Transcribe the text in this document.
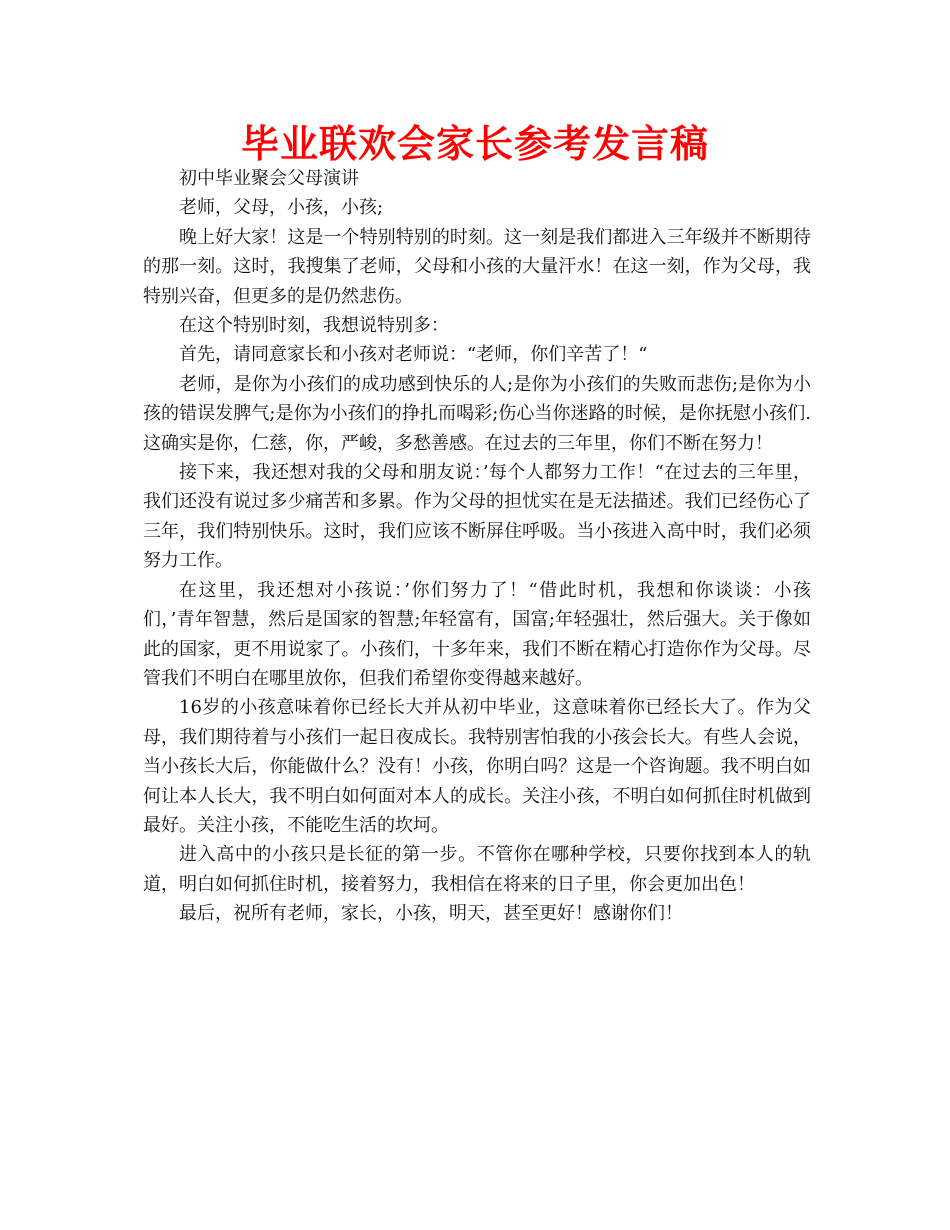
毕业联欢会家长参考发言稿

初中毕业聚会父母演讲

老师，父母，小孩，小孩;

晚上好大家！这是一个特别特别的时刻。这一刻是我们都进入三年级并不断期待的那一刻。这时，我搜集了老师，父母和小孩的大量汗水！在这一刻，作为父母，我特别兴奋，但更多的是仍然悲伤。

在这个特别时刻，我想说特别多：

首先，请同意家长和小孩对老师说：“老师，你们辛苦了！“

老师，是你为小孩们的成功感到快乐的人;是你为小孩们的失败而悲伤;是你为小孩的错误发脾气;是你为小孩们的挣扎而喝彩;伤心当你迷路的时候，是你抚慰小孩们.这确实是你，仁慈，你，严峻，多愁善感。在过去的三年里，你们不断在努力！

接下来，我还想对我的父母和朋友说：’每个人都努力工作！“在过去的三年里，我们还没有说过多少痛苦和多累。作为父母的担忧实在是无法描述。我们已经伤心了三年，我们特别快乐。这时，我们应该不断屏住呼吸。当小孩进入高中时，我们必须努力工作。

在这里，我还想对小孩说：’你们努力了！“借此时机，我想和你谈谈：小孩们，’青年智慧，然后是国家的智慧;年轻富有，国富;年轻强壮，然后强大。关于像如此的国家，更不用说家了。小孩们，十多年来，我们不断在精心打造你作为父母。尽管我们不明白在哪里放你，但我们希望你变得越来越好。

16岁的小孩意味着你已经长大并从初中毕业，这意味着你已经长大了。作为父母，我们期待着与小孩们一起日夜成长。我特别害怕我的小孩会长大。有些人会说，当小孩长大后，你能做什么？没有！小孩，你明白吗？这是一个咨询题。我不明白如何让本人长大，我不明白如何面对本人的成长。关注小孩，不明白如何抓住时机做到最好。关注小孩，不能吃生活的坎坷。

进入高中的小孩只是长征的第一步。不管你在哪种学校，只要你找到本人的轨道，明白如何抓住时机，接着努力，我相信在将来的日子里，你会更加出色！

最后，祝所有老师，家长，小孩，明天，甚至更好！感谢你们！
